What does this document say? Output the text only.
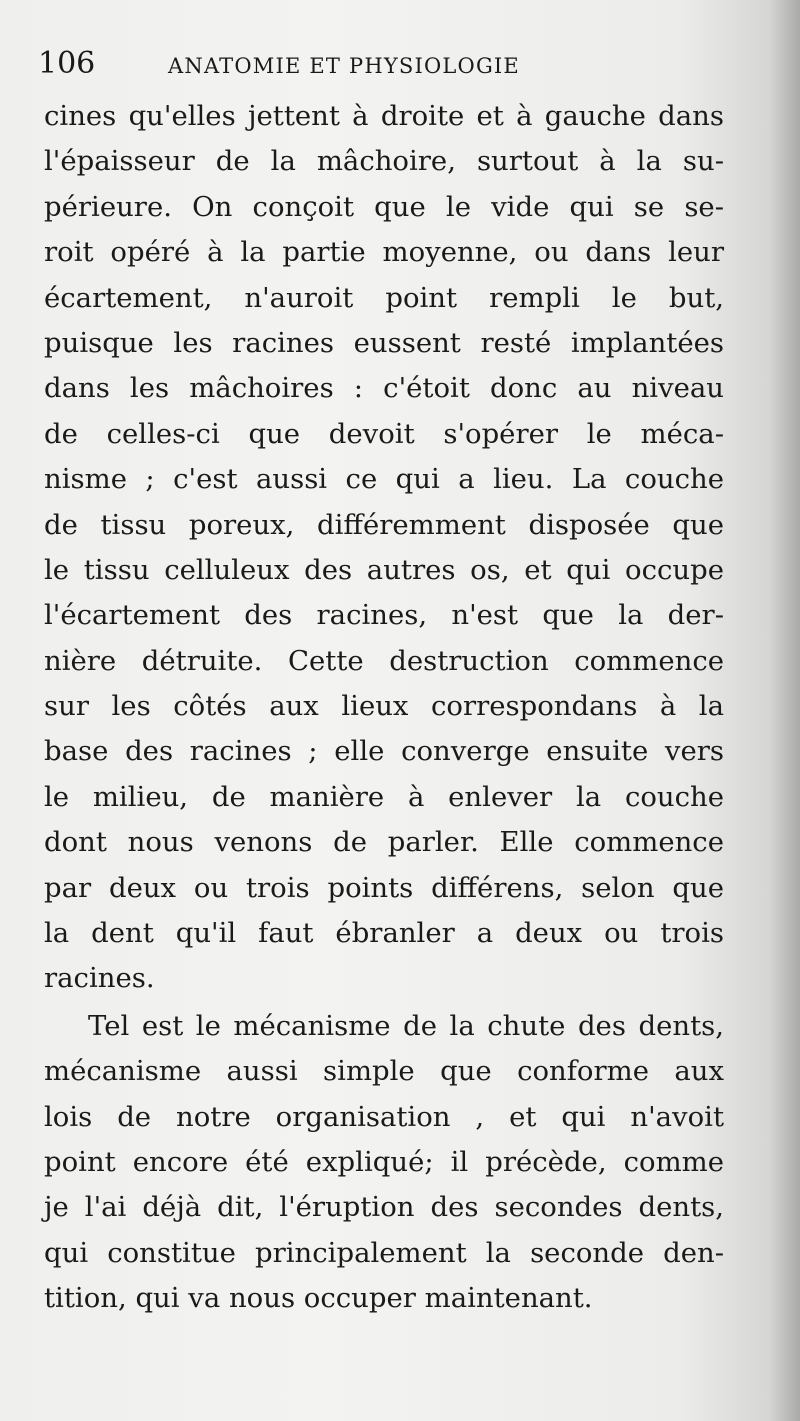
106	ANATOMIE ET PHYSIOLOGIE
cines qu'elles jettent à droite et à gauche dans
l'épaisseur de la mâchoire, surtout à la su-
périeure. On conçoit que le vide qui se se-
roit opéré à la partie moyenne, ou dans leur
écartement, n'auroit point rempli le but,
puisque les racines eussent resté implantées
dans les mâchoires : c'étoit donc au niveau
de celles-ci que devoit s'opérer le méca-
nisme ; c'est aussi ce qui a lieu. La couche
de tissu poreux, différemment disposée que
le tissu celluleux des autres os, et qui occupe
l'écartement des racines, n'est que la der-
nière détruite. Cette destruction commence
sur les côtés aux lieux correspondans à la
base des racines ; elle converge ensuite vers
le milieu, de manière à enlever la couche
dont nous venons de parler. Elle commence
par deux ou trois points différens, selon que
la dent qu'il faut ébranler a deux ou trois
racines.
Tel est le mécanisme de la chute des dents,
mécanisme aussi simple que conforme aux
lois de notre organisation , et qui n'avoit
point encore été expliqué; il précède, comme
je l'ai déjà dit, l'éruption des secondes dents,
qui constitue principalement la seconde den-
tition, qui va nous occuper maintenant.
